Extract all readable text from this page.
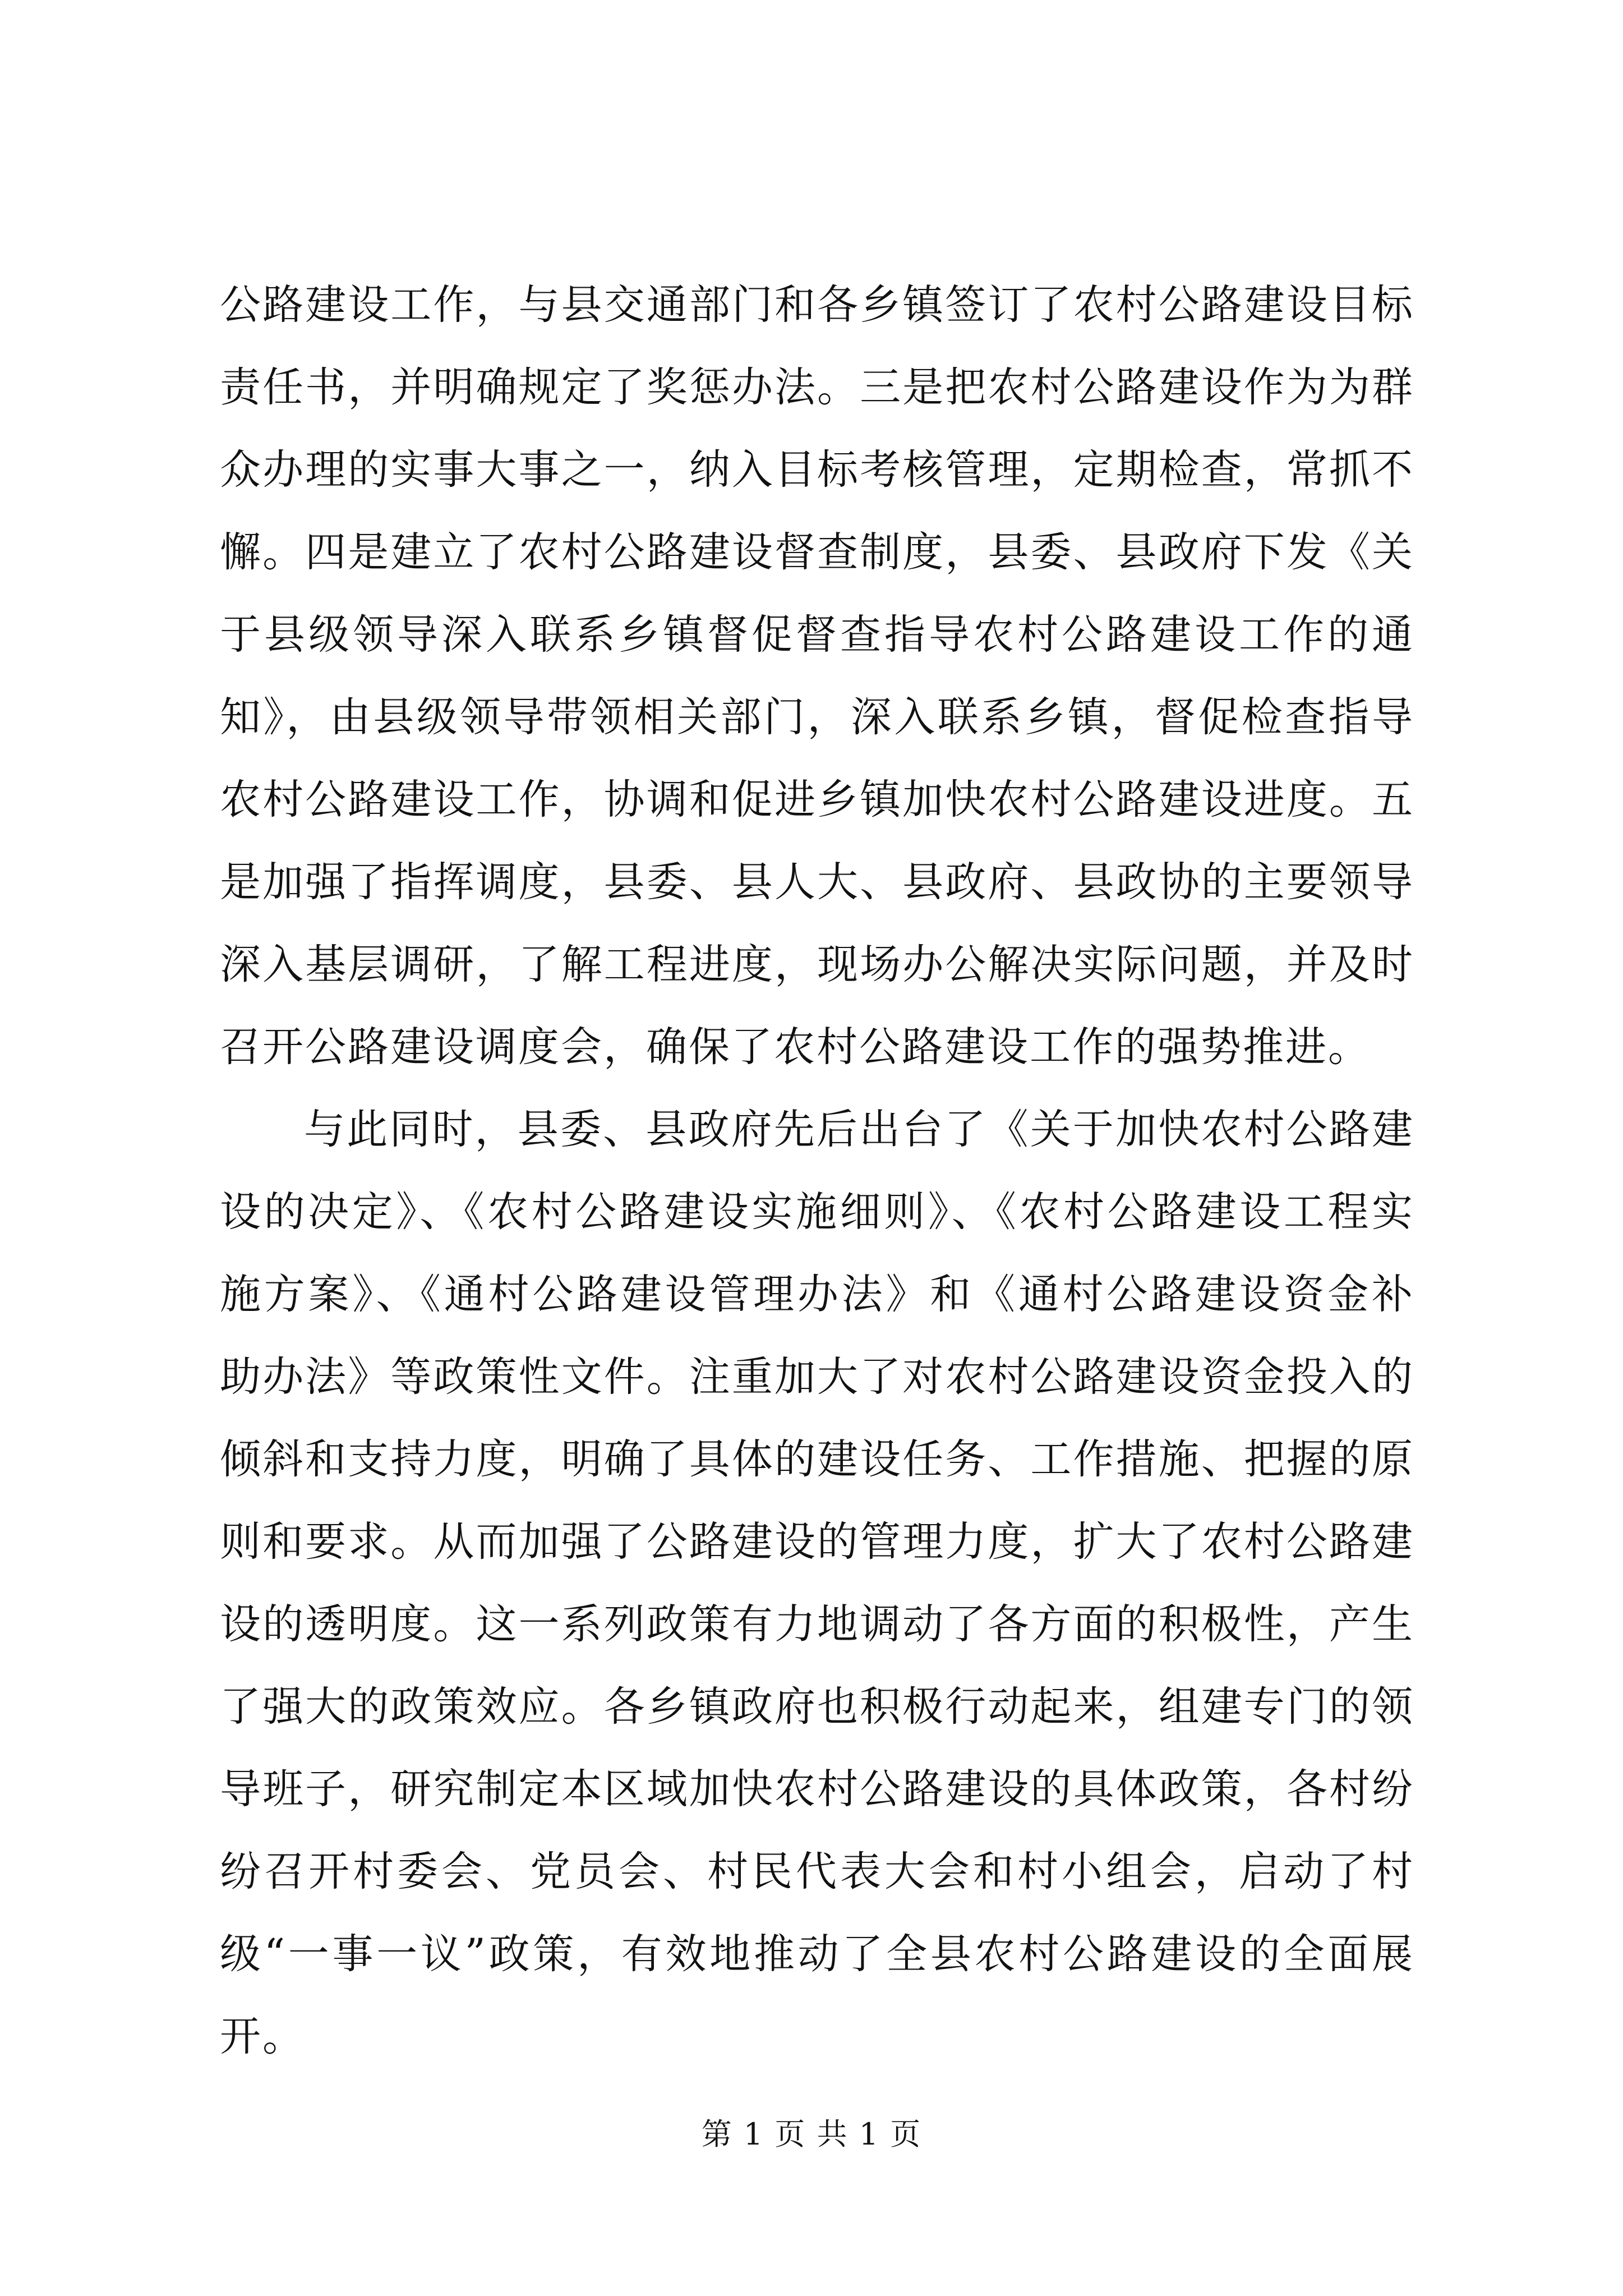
公路建设工作，与县交通部门和各乡镇签订了农村公路建设目标责任书，并明确规定了奖惩办法。三是把农村公路建设作为为群众办理的实事大事之一，纳入目标考核管理，定期检查，常抓不懈。四是建立了农村公路建设督查制度，县委、县政府下发《关于县级领导深入联系乡镇督促督查指导农村公路建设工作的通知》，由县级领导带领相关部门，深入联系乡镇，督促检查指导农村公路建设工作，协调和促进乡镇加快农村公路建设进度。五是加强了指挥调度，县委、县人大、县政府、县政协的主要领导深入基层调研，了解工程进度，现场办公解决实际问题，并及时召开公路建设调度会，确保了农村公路建设工作的强势推进。

与此同时，县委、县政府先后出台了《关于加快农村公路建设的决定》、《农村公路建设实施细则》、《农村公路建设工程实施方案》、《通村公路建设管理办法》和《通村公路建设资金补助办法》等政策性文件。注重加大了对农村公路建设资金投入的倾斜和支持力度，明确了具体的建设任务、工作措施、把握的原则和要求。从而加强了公路建设的管理力度，扩大了农村公路建设的透明度。这一系列政策有力地调动了各方面的积极性，产生了强大的政策效应。各乡镇政府也积极行动起来，组建专门的领导班子，研究制定本区域加快农村公路建设的具体政策，各村纷纷召开村委会、党员会、村民代表大会和村小组会，启动了村级“一事一议”政策，有效地推动了全县农村公路建设的全面展开。

第 1 页 共 1 页
